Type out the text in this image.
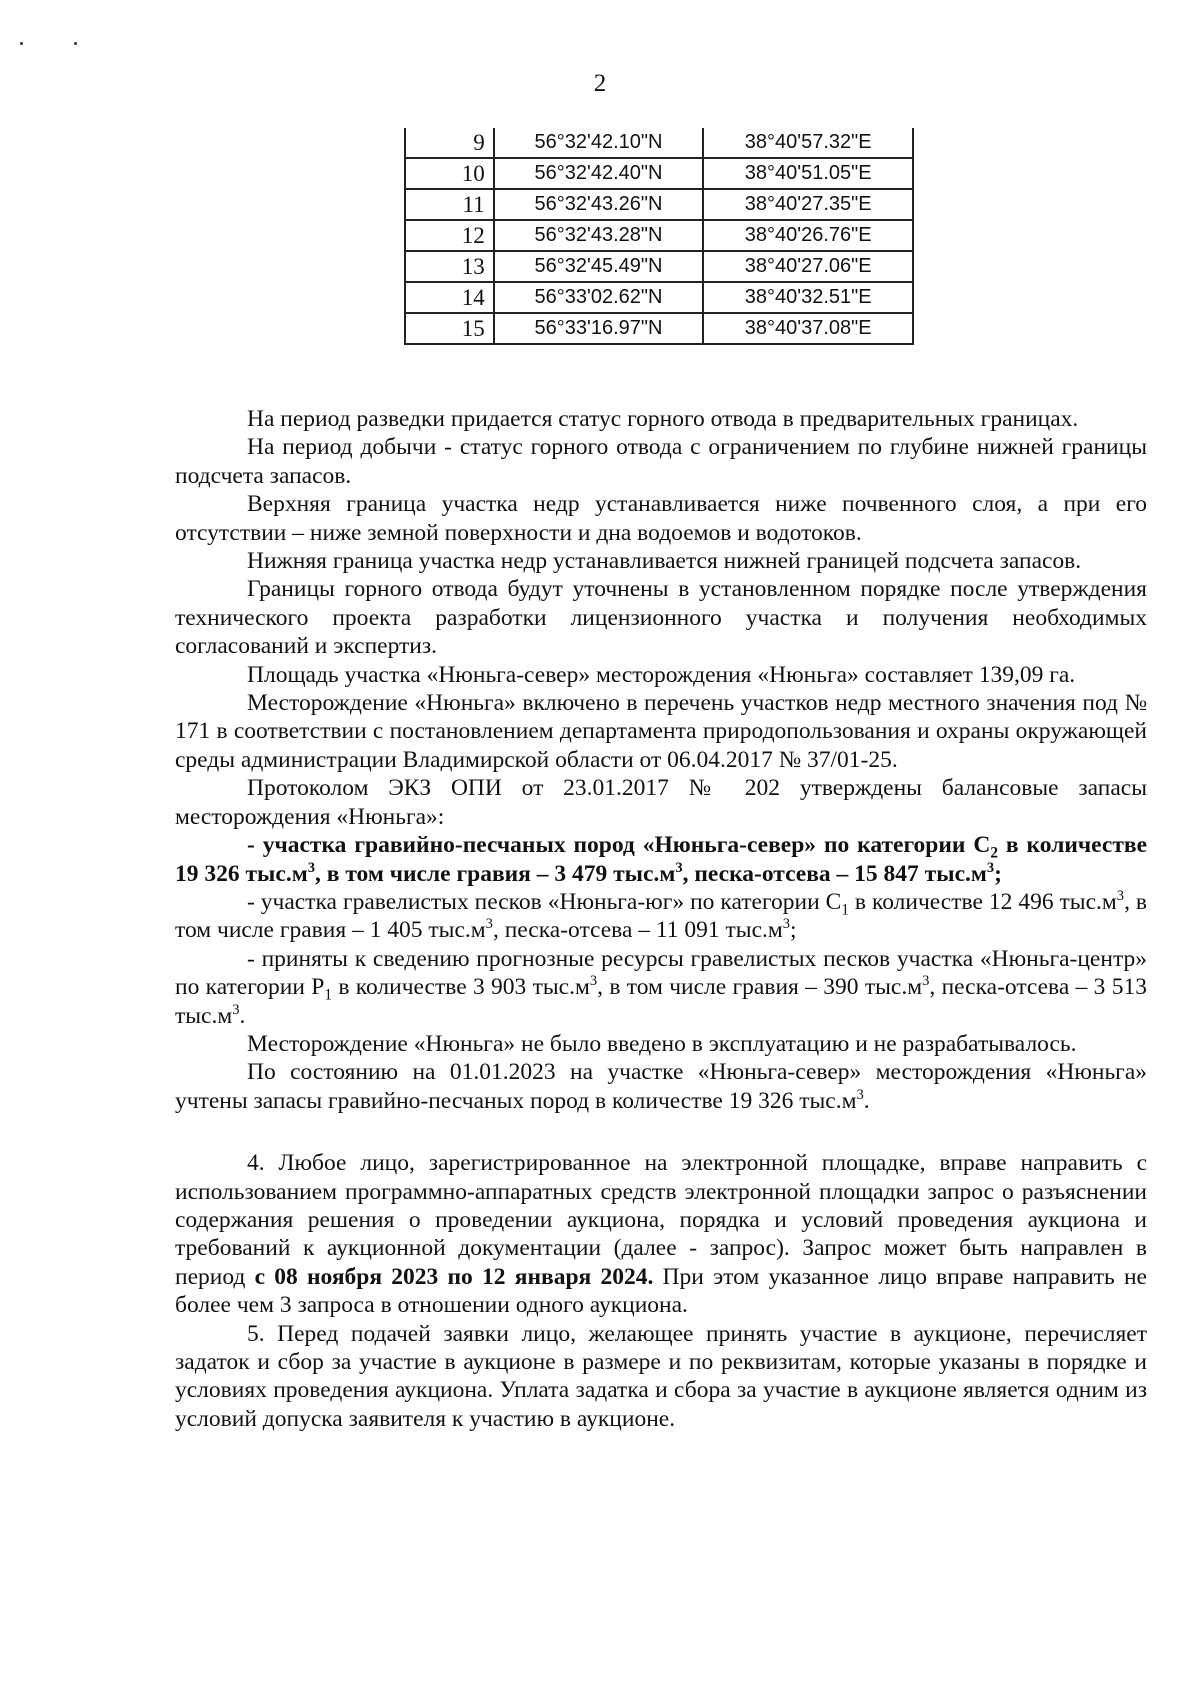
2
9	56°32'42.10"N	38°40'57.32"E
10	56°32'42.40"N	38°40'51.05"E
11	56°32'43.26"N	38°40'27.35"E
12	56°32'43.28"N	38°40'26.76"E
13	56°32'45.49"N	38°40'27.06"E
14	56°33'02.62"N	38°40'32.51"E
15	56°33'16.97"N	38°40'37.08"E

На период разведки придается статус горного отвода в предварительных границах.

На период добычи - статус горного отвода с ограничением по глубине нижней границы подсчета запасов.

Верхняя граница участка недр устанавливается ниже почвенного слоя, а при его отсутствии – ниже земной поверхности и дна водоемов и водотоков.

Нижняя граница участка недр устанавливается нижней границей подсчета запасов.

Границы горного отвода будут уточнены в установленном порядке после утверждения технического проекта разработки лицензионного участка и получения необходимых согласований и экспертиз.

Площадь участка «Нюньга-север» месторождения «Нюньга» составляет 139,09 га.

Месторождение «Нюньга» включено в перечень участков недр местного значения под № 171 в соответствии с постановлением департамента природопользования и охраны окружающей среды администрации Владимирской области от 06.04.2017 № 37/01-25.

Протоколом ЭКЗ ОПИ от 23.01.2017 № 202 утверждены балансовые запасы месторождения «Нюньга»:

- участка гравийно-песчаных пород «Нюньга-север» по категории $C_2$ в количестве 19 326 $тыс.м^3$, в том числе гравия – 3 479 $тыс.м^3$, песка-отсева – 15 847 $тыс.м^3$;

- участка гравелистых песков «Нюньга-юг» по категории $C_1$ в количестве 12 496 $тыс.м^3$, в том числе гравия – 1 405 $тыс.м^3$, песка-отсева – 11 091 $тыс.м^3$;

- приняты к сведению прогнозные ресурсы гравелистых песков участка «Нюньга-центр» по категории $P_1$ в количестве 3 903 $тыс.м^3$, в том числе гравия – 390 $тыс.м^3$, песка-отсева – 3 513 $тыс.м^3$.

Месторождение «Нюньга» не было введено в эксплуатацию и не разрабатывалось.

По состоянию на 01.01.2023 на участке «Нюньга-север» месторождения «Нюньга» учтены запасы гравийно-песчаных пород в количестве 19 326 $тыс.м^3$.

4. Любое лицо, зарегистрированное на электронной площадке, вправе направить с использованием программно-аппаратных средств электронной площадки запрос о разъяснении содержания решения о проведении аукциона, порядка и условий проведения аукциона и требований к аукционной документации (далее - запрос). Запрос может быть направлен в период с 08 ноября 2023 по 12 января 2024. При этом указанное лицо вправе направить не более чем 3 запроса в отношении одного аукциона.

5. Перед подачей заявки лицо, желающее принять участие в аукционе, перечисляет задаток и сбор за участие в аукционе в размере и по реквизитам, которые указаны в порядке и условиях проведения аукциона. Уплата задатка и сбора за участие в аукционе является одним из условий допуска заявителя к участию в аукционе.
